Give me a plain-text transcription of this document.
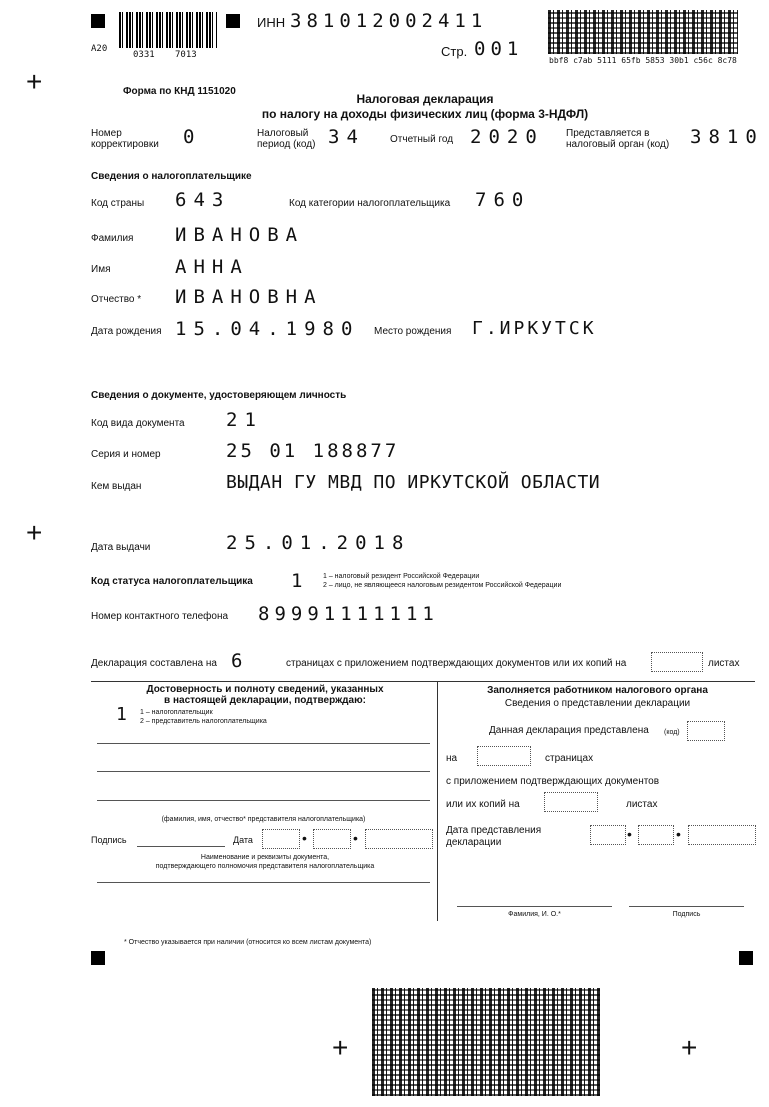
+
+
+	+
A20
0331 7013
ИНН 381012002411
Стр. 001
bbf8 c7ab 5111 65fb 5853 30b1 c56c 8c78
Форма по КНД 1151020
Налоговая декларация
по налогу на доходы физических лиц (форма 3-НДФЛ)
Номер корректировки	0	Налоговый период (код) 34	Отчетный год 2020 Представляется в налоговый орган (код)	3810
Сведения о налогоплательщике
Код страны 643	Код категории налогоплательщика 760
Фамилия ИВАНОВА
Имя	АННА
Отчество * ИВАНОВНА
Дата рождения 15.04.1980 Место рождения Г.ИРКУТСК
Сведения о документе, удостоверяющем личность
Код вида документа 21
Серия и номер	25 01 188877
Кем выдан	ВЫДАН ГУ МВД ПО ИРКУТСКОЙ ОБЛАСТИ
Дата выдачи	25.01.2018
Код статуса налогоплательщика 1	1 – налоговый резидент Российской Федерации
2 – лицо, не являющееся налоговым резидентом Российской Федерации
Номер контактного телефона 89991111111
Декларация составлена на 6	страницах с приложением подтверждающих документов или их копий на	листах
Достоверность и полноту сведений, указанных
в настоящей декларации, подтверждаю:
1 1 – налогоплательщик
2 – представитель налогоплательщика
(фамилия, имя, отчество* представителя налогоплательщика)
Подпись	Дата	•	•
Наименование и реквизиты документа,
подтверждающего полномочия представителя налогоплательщика
Заполняется работником налогового органа
Сведения о представлении декларации
Данная декларация представлена (код)
на	страницах
с приложением подтверждающих документов
или их копий на	листах
Дата представления
декларации
•	•
Фамилия, И. О.*	Подпись
* Отчество указывается при наличии (относится ко всем листам документа)
